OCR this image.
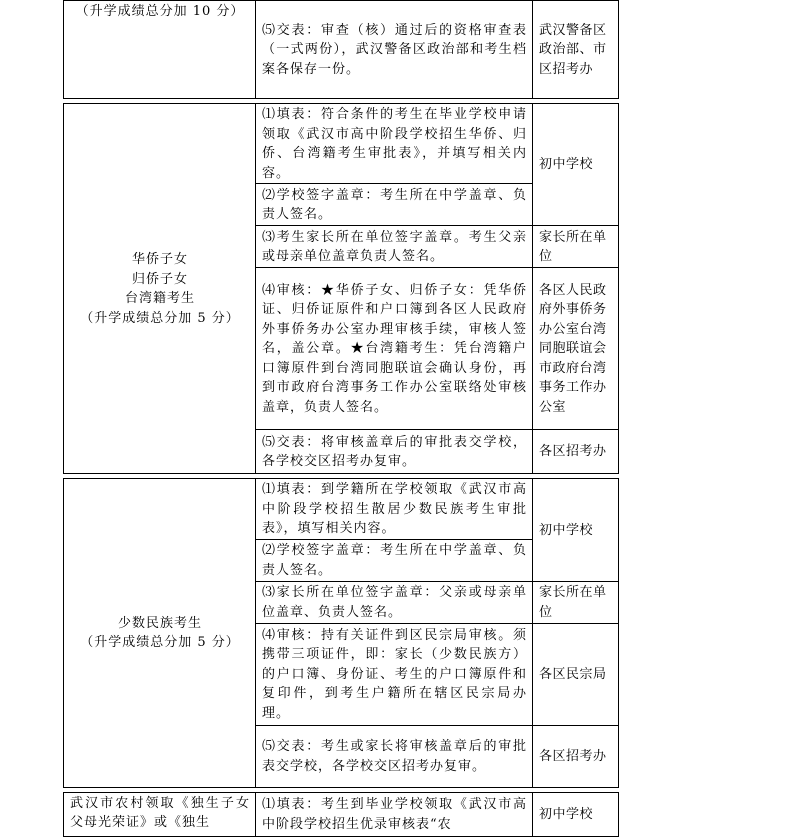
（升学成绩总分加 10 分）	⑸交表：审查（核）通过后的资格审查表（一式两份），武汉警备区政治部和考生档案各保存一份。	武汉警备区政治部、市区招考办

华侨子女
归侨子女
台湾籍考生
（升学成绩总分加 5 分）	⑴填表：符合条件的考生在毕业学校申请领取《武汉市高中阶段学校招生华侨、归侨、台湾籍考生审批表》，并填写相关内容。	初中学校
	⑵学校签字盖章：考生所在中学盖章、负责人签名。	
	⑶考生家长所在单位签字盖章。考生父亲或母亲单位盖章负责人签名。	家长所在单位
	⑷审核：★华侨子女、归侨子女：凭华侨证、归侨证原件和户口簿到各区人民政府外事侨务办公室办理审核手续，审核人签名，盖公章。★台湾籍考生：凭台湾籍户口簿原件到台湾同胞联谊会确认身份，再到市政府台湾事务工作办公室联络处审核盖章，负责人签名。	各区人民政府外事侨务办公室台湾同胞联谊会市政府台湾事务工作办公室
	⑸交表：将审核盖章后的审批表交学校，各学校交区招考办复审。	各区招考办

少数民族考生
（升学成绩总分加 5 分）	⑴填表：到学籍所在学校领取《武汉市高中阶段学校招生散居少数民族考生审批表》，填写相关内容。	初中学校
	⑵学校签字盖章：考生所在中学盖章、负责人签名。	
	⑶家长所在单位签字盖章：父亲或母亲单位盖章、负责人签名。	家长所在单位
	⑷审核：持有关证件到区民宗局审核。须携带三项证件，即：家长（少数民族方）的户口簿、身份证、考生的户口簿原件和复印件，到考生户籍所在辖区民宗局办理。	各区民宗局
	⑸交表：考生或家长将审核盖章后的审批表交学校，各学校交区招考办复审。	各区招考办

武汉市农村领取《独生子女父母光荣证》或《独生	⑴填表：考生到毕业学校领取《武汉市高中阶段学校招生优录审核表“农	初中学校
